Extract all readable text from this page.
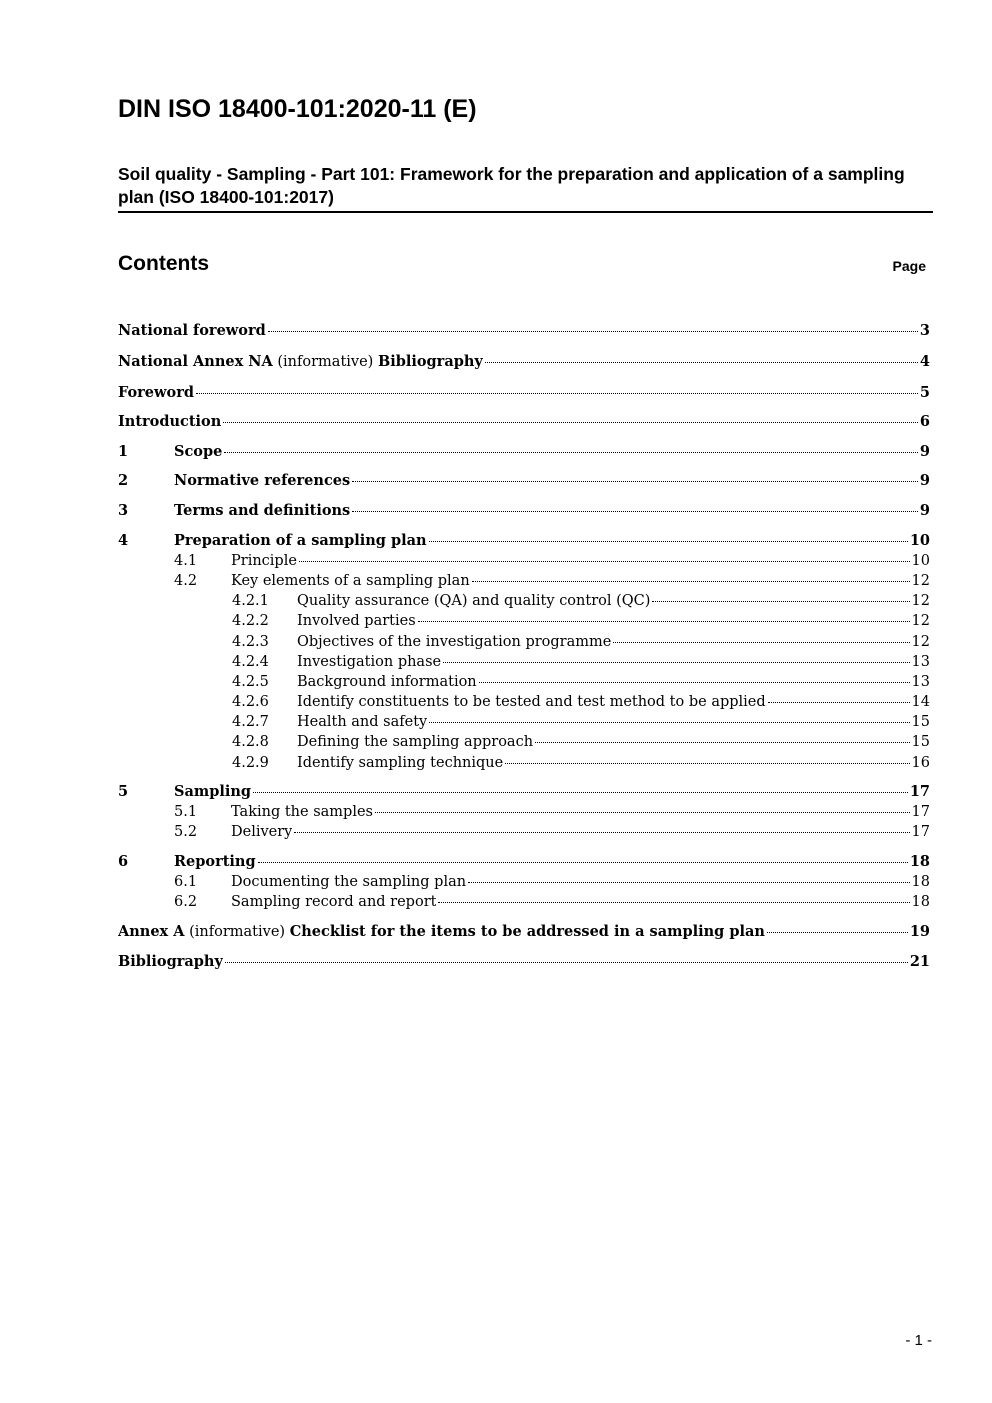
DIN ISO 18400-101:2020-11 (E)
Soil quality - Sampling - Part 101: Framework for the preparation and application of a sampling plan (ISO 18400-101:2017)
Contents	Page
National foreword	3
National Annex NA (informative) Bibliography	4
Foreword	5
Introduction	6
1	Scope	9
2	Normative references	9
3	Terms and definitions	9
4	Preparation of a sampling plan	10
4.1	Principle	10
4.2	Key elements of a sampling plan	12
4.2.1	Quality assurance (QA) and quality control (QC)	12
4.2.2	Involved parties	12
4.2.3	Objectives of the investigation programme	12
4.2.4	Investigation phase	13
4.2.5	Background information	13
4.2.6	Identify constituents to be tested and test method to be applied	14
4.2.7	Health and safety	15
4.2.8	Defining the sampling approach	15
4.2.9	Identify sampling technique	16
5	Sampling	17
5.1	Taking the samples	17
5.2	Delivery	17
6	Reporting	18
6.1	Documenting the sampling plan	18
6.2	Sampling record and report	18
Annex A (informative) Checklist for the items to be addressed in a sampling plan	19
Bibliography	21
- 1 -
